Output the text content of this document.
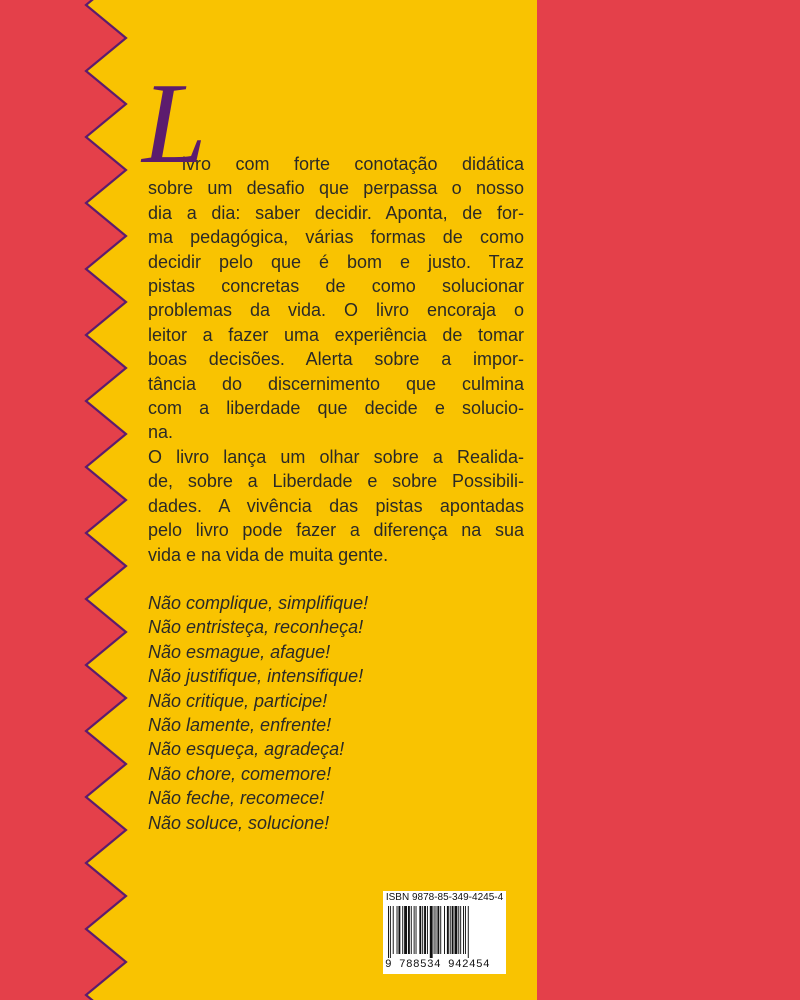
L

ivro com forte conotação didática
sobre um desafio que perpassa o nosso
dia a dia: saber decidir. Aponta, de for-
ma pedagógica, várias formas de como
decidir pelo que é bom e justo. Traz
pistas concretas de como solucionar
problemas da vida. O livro encoraja o
leitor a fazer uma experiência de tomar
boas decisões. Alerta sobre a impor-
tância do discernimento que culmina
com a liberdade que decide e solucio-
na.

O livro lança um olhar sobre a Realida-
de, sobre a Liberdade e sobre Possibili-
dades. A vivência das pistas apontadas
pelo livro pode fazer a diferença na sua
vida e na vida de muita gente.

Não complique, simplifique!
Não entristeça, reconheça!
Não esmague, afague!
Não justifique, intensifique!
Não critique, participe!
Não lamente, enfrente!
Não esqueça, agradeça!
Não chore, comemore!
Não feche, recomece!
Não soluce, solucione!
ISBN 9878-85-349-4245-4
9 788534 942454
